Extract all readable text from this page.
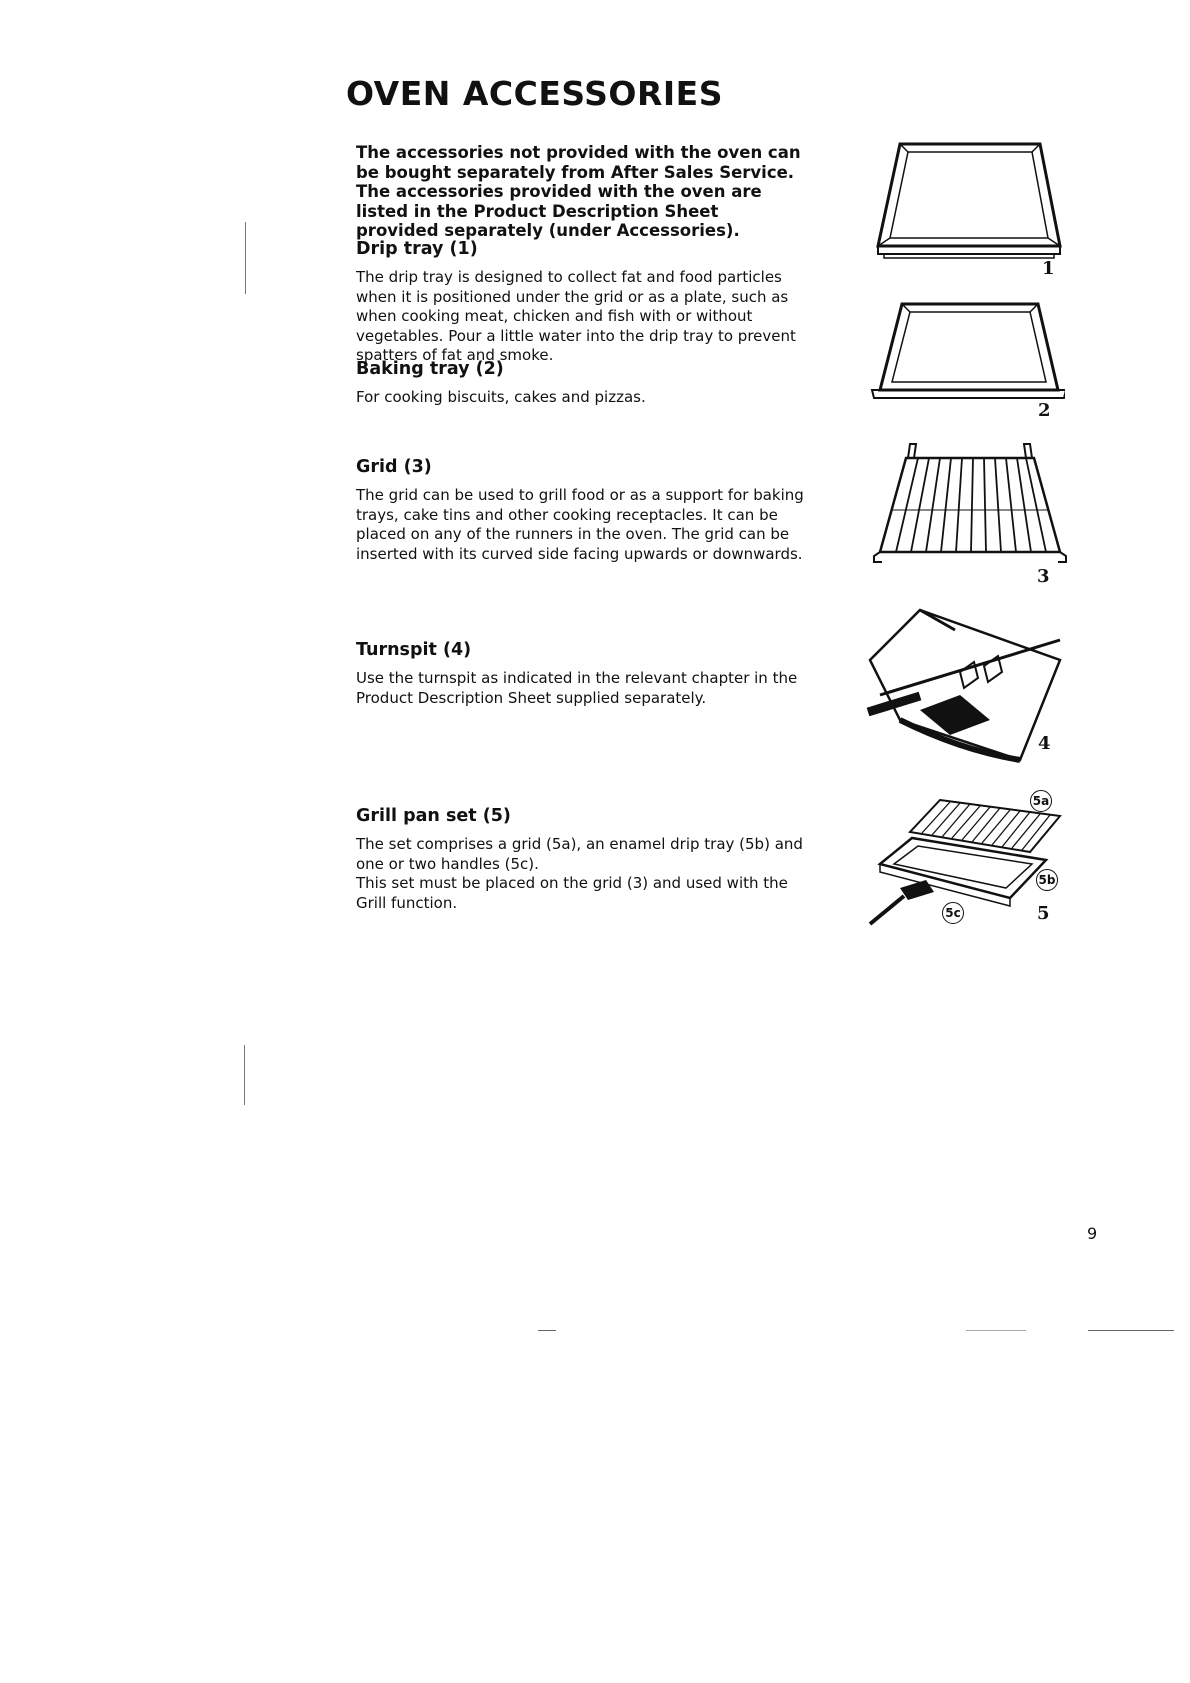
OVEN ACCESSORIES

The accessories not provided with the oven can be bought separately from After Sales Service. The accessories provided with the oven are listed in the Product Description Sheet provided separately (under Accessories).

Drip tray (1)

The drip tray is designed to collect fat and food particles when it is positioned under the grid or as a plate, such as when cooking meat, chicken and fish with or without vegetables. Pour a little water into the drip tray to prevent spatters of fat and smoke.

Baking tray (2)

For cooking biscuits, cakes and pizzas.

Grid (3)

The grid can be used to grill food or as a support for baking trays, cake tins and other cooking receptacles. It can be placed on any of the runners in the oven. The grid can be inserted with its curved side facing upwards or downwards.

Turnspit (4)

Use the turnspit as indicated in the relevant chapter in the Product Description Sheet supplied separately.

Grill pan set (5)

The set comprises a grid (5a), an enamel drip tray (5b) and one or two handles (5c).

This set must be placed on the grid (3) and used with the Grill function.

1
2
3
4
5a
5b
5c	5
9
